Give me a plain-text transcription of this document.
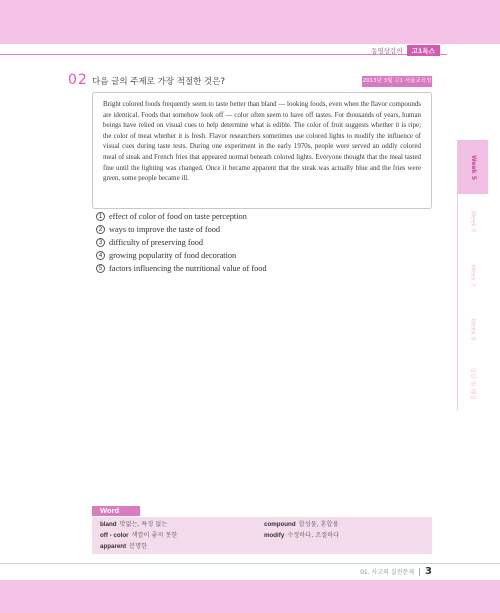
동영상강의	고1독스
02 다음 글의 주제로 가장 적절한 것은?	2013년 3월 고1 서울교육청 24
Bright colored foods frequently seem to taste better than bland — looking foods, even when the flavor compounds are identical. Foods that somehow look off — color often seem to have off tastes. For thousands of years, human beings have relied on visual cues to help determine what is edible. The color of fruit suggests whether it is ripe; the color of meat whether it is fresh. Flavor researchers sometimes use colored lights to modify the influence of visual cues during taste tests. During one experiment in the early 1970s, people were served an oddly colored meal of steak and French fries that appeared normal beneath colored lights. Everyone thought that the meal tasted fine until the lighting was changed. Once it became apparent that the steak was actually blue and the fries were green, some people became ill.
1 effect of color of food on taste perception
2 ways to improve the taste of food
3 difficulty of preserving food
4 growing popularity of food decoration
5 factors influencing the nutritional value of food
Week 5
Week 6
Week 7
Week 8
정답 및 해설
Word
bland 맛없는, 특징 없는
off - color 색깔이 좋지 못한
apparent 분명한
compound 합성물, 혼합물
modify 수정하다, 조절하다
01. 사고력 실전문제 3
